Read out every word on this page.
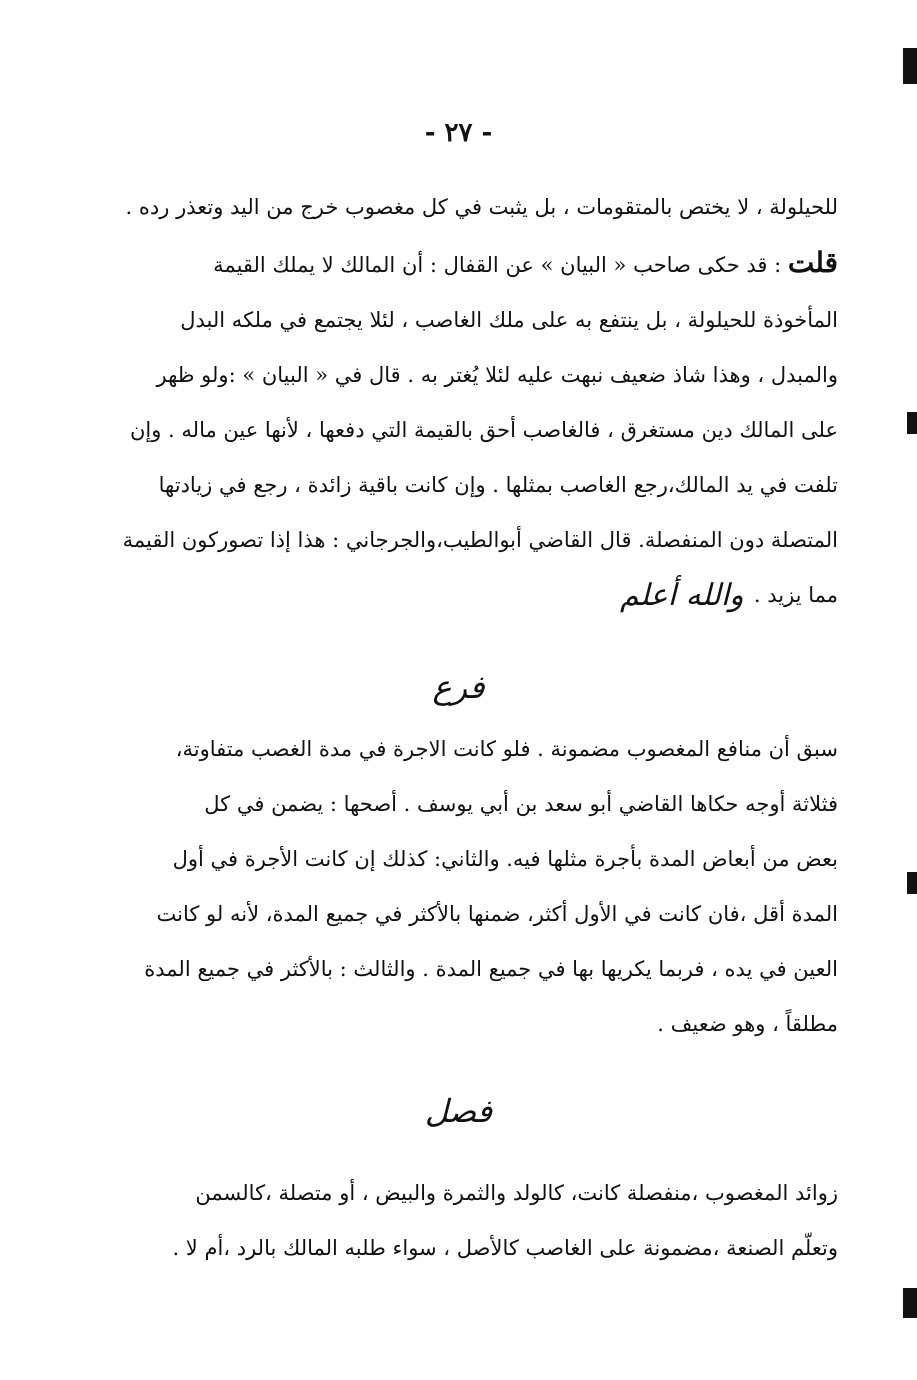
- ٢٧ -
للحيلولة ، لا يختص بالمتقومات ، بل يثبت في كل مغصوب خرج من اليد وتعذر رده .
قلت : قد حكى صاحب « البيان » عن القفال : أن المالك لا يملك القيمة
المأخوذة للحيلولة ، بل ينتفع به على ملك الغاصب ، لئلا يجتمع في ملكه البدل
والمبدل ، وهذا شاذ ضعيف نبهت عليه لئلا يُغتر به . قال في « البيان » :ولو ظهر
على المالك دين مستغرق ، فالغاصب أحق بالقيمة التي دفعها ، لأنها عين ماله . وإن
تلفت في يد المالك،رجع الغاصب بمثلها . وإن كانت باقية زائدة ، رجع في زيادتها
المتصلة دون المنفصلة. قال القاضي أبوالطيب،والجرجاني : هذا إذا تصوركون القيمة
مما يزيد .
والله أعلم
فرع
سبق أن منافع المغصوب مضمونة . فلو كانت الاجرة في مدة الغصب متفاوتة،
فثلاثة أوجه حكاها القاضي أبو سعد بن أبي يوسف . أصحها : يضمن في كل
بعض من أبعاض المدة بأجرة مثلها فيه. والثاني: كذلك إن كانت الأجرة في أول
المدة أقل ،فان كانت في الأول أكثر، ضمنها بالأكثر في جميع المدة، لأنه لو كانت
العين في يده ، فربما يكريها بها في جميع المدة . والثالث : بالأكثر في جميع المدة
مطلقاً ، وهو ضعيف .
فصل
زوائد المغصوب ،منفصلة كانت، كالولد والثمرة والبيض ، أو متصلة ،كالسمن
وتعلّم الصنعة ،مضمونة على الغاصب كالأصل ، سواء طلبه المالك بالرد ،أم لا .
